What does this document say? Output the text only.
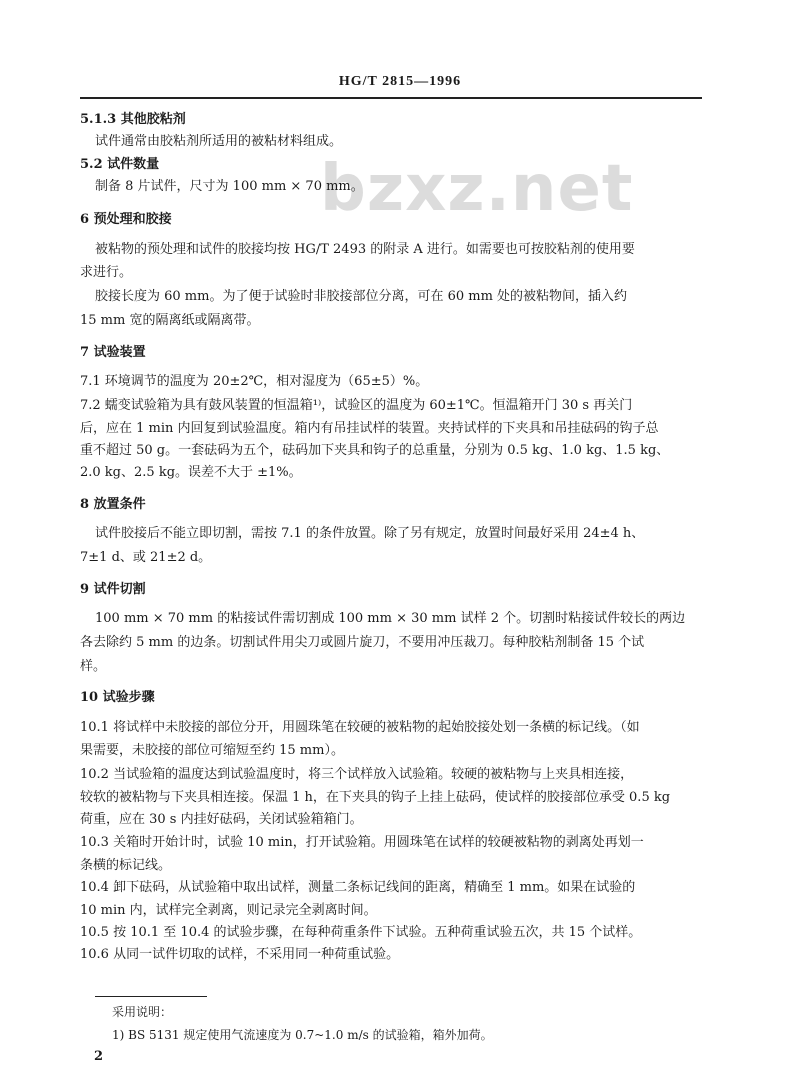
HG/T 2815—1996
bzxz.net
5.1.3 其他胶粘剂
试件通常由胶粘剂所适用的被粘材料组成。
5.2 试件数量
制备 8 片试件，尺寸为 100 mm × 70 mm。
6 预处理和胶接
被粘物的预处理和试件的胶接均按 HG/T 2493 的附录 A 进行。如需要也可按胶粘剂的使用要
求进行。
胶接长度为 60 mm。为了便于试验时非胶接部位分离，可在 60 mm 处的被粘物间，插入约
15 mm 宽的隔离纸或隔离带。
7 试验装置
7.1 环境调节的温度为 20±2℃，相对湿度为（65±5）%。
7.2 蠕变试验箱为具有鼓风装置的恒温箱¹⁾，试验区的温度为 60±1℃。恒温箱开门 30 s 再关门
后，应在 1 min 内回复到试验温度。箱内有吊挂试样的装置。夹持试样的下夹具和吊挂砝码的钩子总
重不超过 50 g。一套砝码为五个，砝码加下夹具和钩子的总重量，分别为 0.5 kg、1.0 kg、1.5 kg、
2.0 kg、2.5 kg。误差不大于 ±1%。
8 放置条件
试件胶接后不能立即切割，需按 7.1 的条件放置。除了另有规定，放置时间最好采用 24±4 h、
7±1 d、或 21±2 d。
9 试件切割
100 mm × 70 mm 的粘接试件需切割成 100 mm × 30 mm 试样 2 个。切割时粘接试件较长的两边
各去除约 5 mm 的边条。切割试件用尖刀或圆片旋刀，不要用冲压裁刀。每种胶粘剂制备 15 个试
样。
10 试验步骤
10.1 将试样中未胶接的部位分开，用圆珠笔在较硬的被粘物的起始胶接处划一条横的标记线。（如
果需要，未胶接的部位可缩短至约 15 mm）。
10.2 当试验箱的温度达到试验温度时，将三个试样放入试验箱。较硬的被粘物与上夹具相连接，
较软的被粘物与下夹具相连接。保温 1 h，在下夹具的钩子上挂上砝码，使试样的胶接部位承受 0.5 kg
荷重，应在 30 s 内挂好砝码，关闭试验箱箱门。
10.3 关箱时开始计时，试验 10 min，打开试验箱。用圆珠笔在试样的较硬被粘物的剥离处再划一
条横的标记线。
10.4 卸下砝码，从试验箱中取出试样，测量二条标记线间的距离，精确至 1 mm。如果在试验的
10 min 内，试样完全剥离，则记录完全剥离时间。
10.5 按 10.1 至 10.4 的试验步骤，在每种荷重条件下试验。五种荷重试验五次，共 15 个试样。
10.6 从同一试件切取的试样，不采用同一种荷重试验。
采用说明：
1) BS 5131 规定使用气流速度为 0.7~1.0 m/s 的试验箱，箱外加荷。
2
